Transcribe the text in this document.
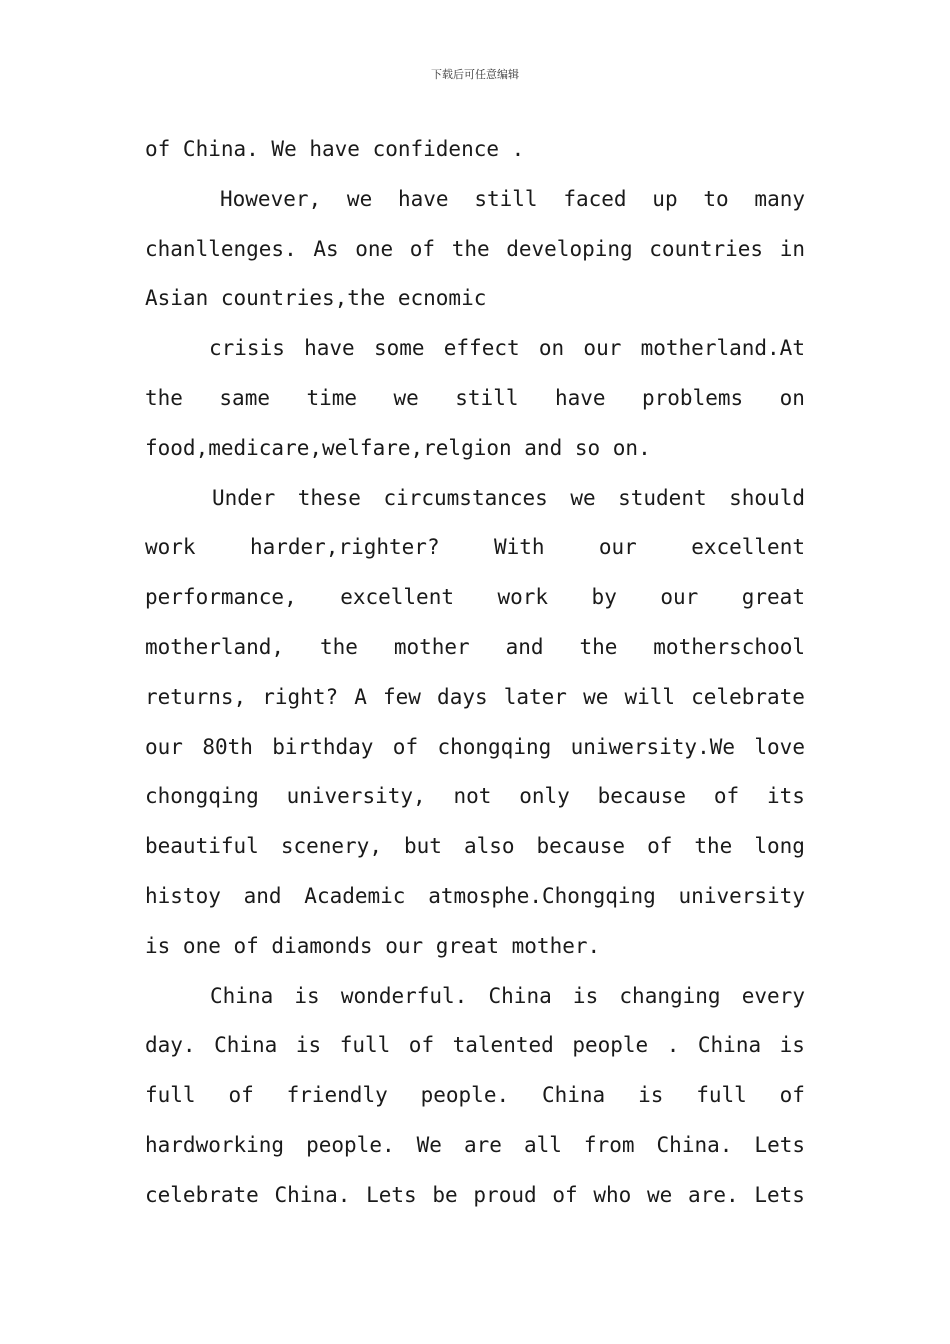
下载后可任意编辑
of China. We have confidence .
However, we have still faced up to many
chanllenges. As one of the developing countries in
Asian countries,the ecnomic
crisis have some effect on our motherland.At
the same time we still have problems on
food,medicare,welfare,relgion and so on.
Under these circumstances we student should
work	harder,righter?	With	our	excellent
performance, excellent work by our great
motherland, the mother and the motherschool
returns, right? A few days later we will celebrate
our 80th birthday of chongqing uniwersity.We love
chongqing university, not only because of its
beautiful scenery, but also because of the long
histoy and Academic atmosphe.Chongqing university
is one of diamonds our great mother.
China is wonderful. China is changing every
day. China is full of talented people . China is
full of friendly people. China is full of
hardworking people. We are all from China. Lets
celebrate China. Lets be proud of who we are. Lets
